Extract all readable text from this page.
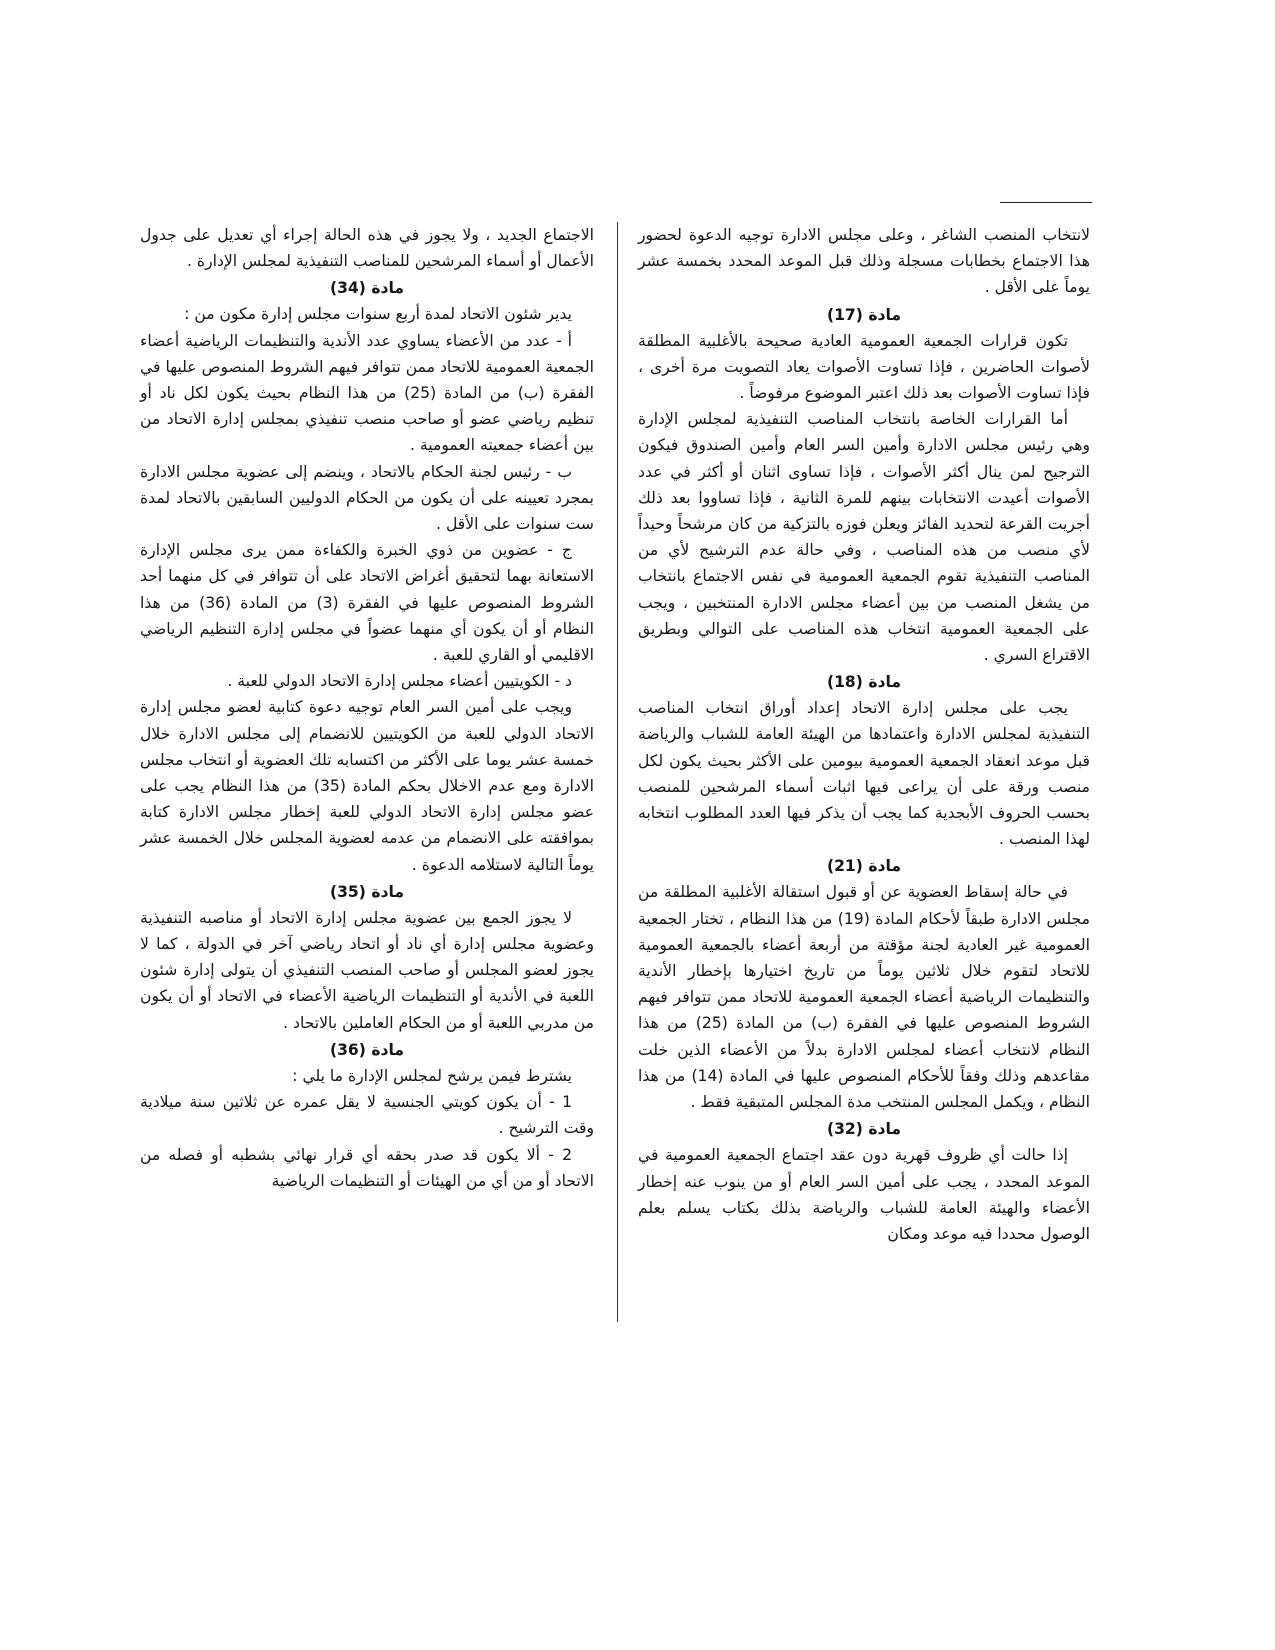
لانتخاب المنصب الشاغر ، وعلى مجلس الادارة توجيه الدعوة لحضور هذا الاجتماع بخطابات مسجلة وذلك قبل الموعد المحدد بخمسة عشر يوماً على الأقل .

مادة (17)

تكون قرارات الجمعية العمومية العادية صحيحة بالأغلبية المطلقة لأصوات الحاضرين ، فإذا تساوت الأصوات يعاد التصويت مرة أخرى ، فإذا تساوت الأصوات بعد ذلك اعتبر الموضوع مرفوضاً .

أما القرارات الخاصة بانتخاب المناصب التنفيذية لمجلس الإدارة وهي رئيس مجلس الادارة وأمين السر العام وأمين الصندوق فيكون الترجيح لمن ينال أكثر الأصوات ، فإذا تساوى اثنان أو أكثر في عدد الأصوات أعيدت الانتخابات بينهم للمرة الثانية ، فإذا تساووا بعد ذلك أجريت القرعة لتحديد الفائز ويعلن فوزه بالتزكية من كان مرشحاً وحيداً لأي منصب من هذه المناصب ، وفي حالة عدم الترشيح لأي من المناصب التنفيذية تقوم الجمعية العمومية في نفس الاجتماع بانتخاب من يشغل المنصب من بين أعضاء مجلس الادارة المنتخبين ، ويجب على الجمعية العمومية انتخاب هذه المناصب على التوالي وبطريق الاقتراع السري .

مادة (18)

يجب على مجلس إدارة الاتحاد إعداد أوراق انتخاب المناصب التنفيذية لمجلس الادارة واعتمادها من الهيئة العامة للشباب والرياضة قبل موعد انعقاد الجمعية العمومية بيومين على الأكثر بحيث يكون لكل منصب ورقة على أن يراعى فيها اثبات أسماء المرشحين للمنصب بحسب الحروف الأبجدية كما يجب أن يذكر فيها العدد المطلوب انتخابه لهذا المنصب .

مادة (21)

في حالة إسقاط العضوية عن أو قبول استقالة الأغلبية المطلقة من مجلس الادارة طبقاً لأحكام المادة (19) من هذا النظام ، تختار الجمعية العمومية غير العادية لجنة مؤقتة من أربعة أعضاء بالجمعية العمومية للاتحاد لتقوم خلال ثلاثين يوماً من تاريخ اختيارها بإخطار الأندية والتنظيمات الرياضية أعضاء الجمعية العمومية للاتحاد ممن تتوافر فيهم الشروط المنصوص عليها في الفقرة (ب) من المادة (25) من هذا النظام لانتخاب أعضاء لمجلس الادارة بدلاً من الأعضاء الذين خلت مقاعدهم وذلك وفقاً للأحكام المنصوص عليها في المادة (14) من هذا النظام ، ويكمل المجلس المنتخب مدة المجلس المتبقية فقط .

مادة (32)

إذا حالت أي ظروف قهرية دون عقد اجتماع الجمعية العمومية في الموعد المحدد ، يجب على أمين السر العام أو من ينوب عنه إخطار الأعضاء والهيئة العامة للشباب والرياضة بذلك بكتاب يسلم بعلم الوصول محددا فيه موعد ومكان

الاجتماع الجديد ، ولا يجوز في هذه الحالة إجراء أي تعديل على جدول الأعمال أو أسماء المرشحين للمناصب التنفيذية لمجلس الإدارة .

مادة (34)

يدير شئون الاتحاد لمدة أربع سنوات مجلس إدارة مكون من :

أ - عدد من الأعضاء يساوي عدد الأندية والتنظيمات الرياضية أعضاء الجمعية العمومية للاتحاد ممن تتوافر فيهم الشروط المنصوص عليها في الفقرة (ب) من المادة (25) من هذا النظام بحيث يكون لكل ناد أو تنظيم رياضي عضو أو صاحب منصب تنفيذي بمجلس إدارة الاتحاد من بين أعضاء جمعيته العمومية .

ب - رئيس لجنة الحكام بالاتحاد ، وينضم إلى عضوية مجلس الادارة بمجرد تعيينه على أن يكون من الحكام الدوليين السابقين بالاتحاد لمدة ست سنوات على الأقل .

ج - عضوين من ذوي الخبرة والكفاءة ممن يرى مجلس الإدارة الاستعانة بهما لتحقيق أغراض الاتحاد على أن تتوافر في كل منهما أحد الشروط المنصوص عليها في الفقرة (3) من المادة (36) من هذا النظام أو أن يكون أي منهما عضواً في مجلس إدارة التنظيم الرياضي الاقليمي أو القاري للعبة .

د - الكويتيين أعضاء مجلس إدارة الاتحاد الدولي للعبة .

ويجب على أمين السر العام توجيه دعوة كتابية لعضو مجلس إدارة الاتحاد الدولي للعبة من الكويتيين للانضمام إلى مجلس الادارة خلال خمسة عشر يوما على الأكثر من اكتسابه تلك العضوية أو انتخاب مجلس الادارة ومع عدم الاخلال بحكم المادة (35) من هذا النظام يجب على عضو مجلس إدارة الاتحاد الدولي للعبة إخطار مجلس الادارة كتابة بموافقته على الانضمام من عدمه لعضوية المجلس خلال الخمسة عشر يوماً التالية لاستلامه الدعوة .

مادة (35)

لا يجوز الجمع بين عضوية مجلس إدارة الاتحاد أو مناصبه التنفيذية وعضوية مجلس إدارة أي ناد أو اتحاد رياضي آخر في الدولة ، كما لا يجوز لعضو المجلس أو صاحب المنصب التنفيذي أن يتولى إدارة شئون اللعبة في الأندية أو التنظيمات الرياضية الأعضاء في الاتحاد أو أن يكون من مدربي اللعبة أو من الحكام العاملين بالاتحاد .

مادة (36)

يشترط فيمن يرشح لمجلس الإدارة ما يلي :

1 - أن يكون كويتي الجنسية لا يقل عمره عن ثلاثين سنة ميلادية وقت الترشيح .

2 - ألا يكون قد صدر بحقه أي قرار نهائي بشطبه أو فصله من الاتحاد أو من أي من الهيئات أو التنظيمات الرياضية
